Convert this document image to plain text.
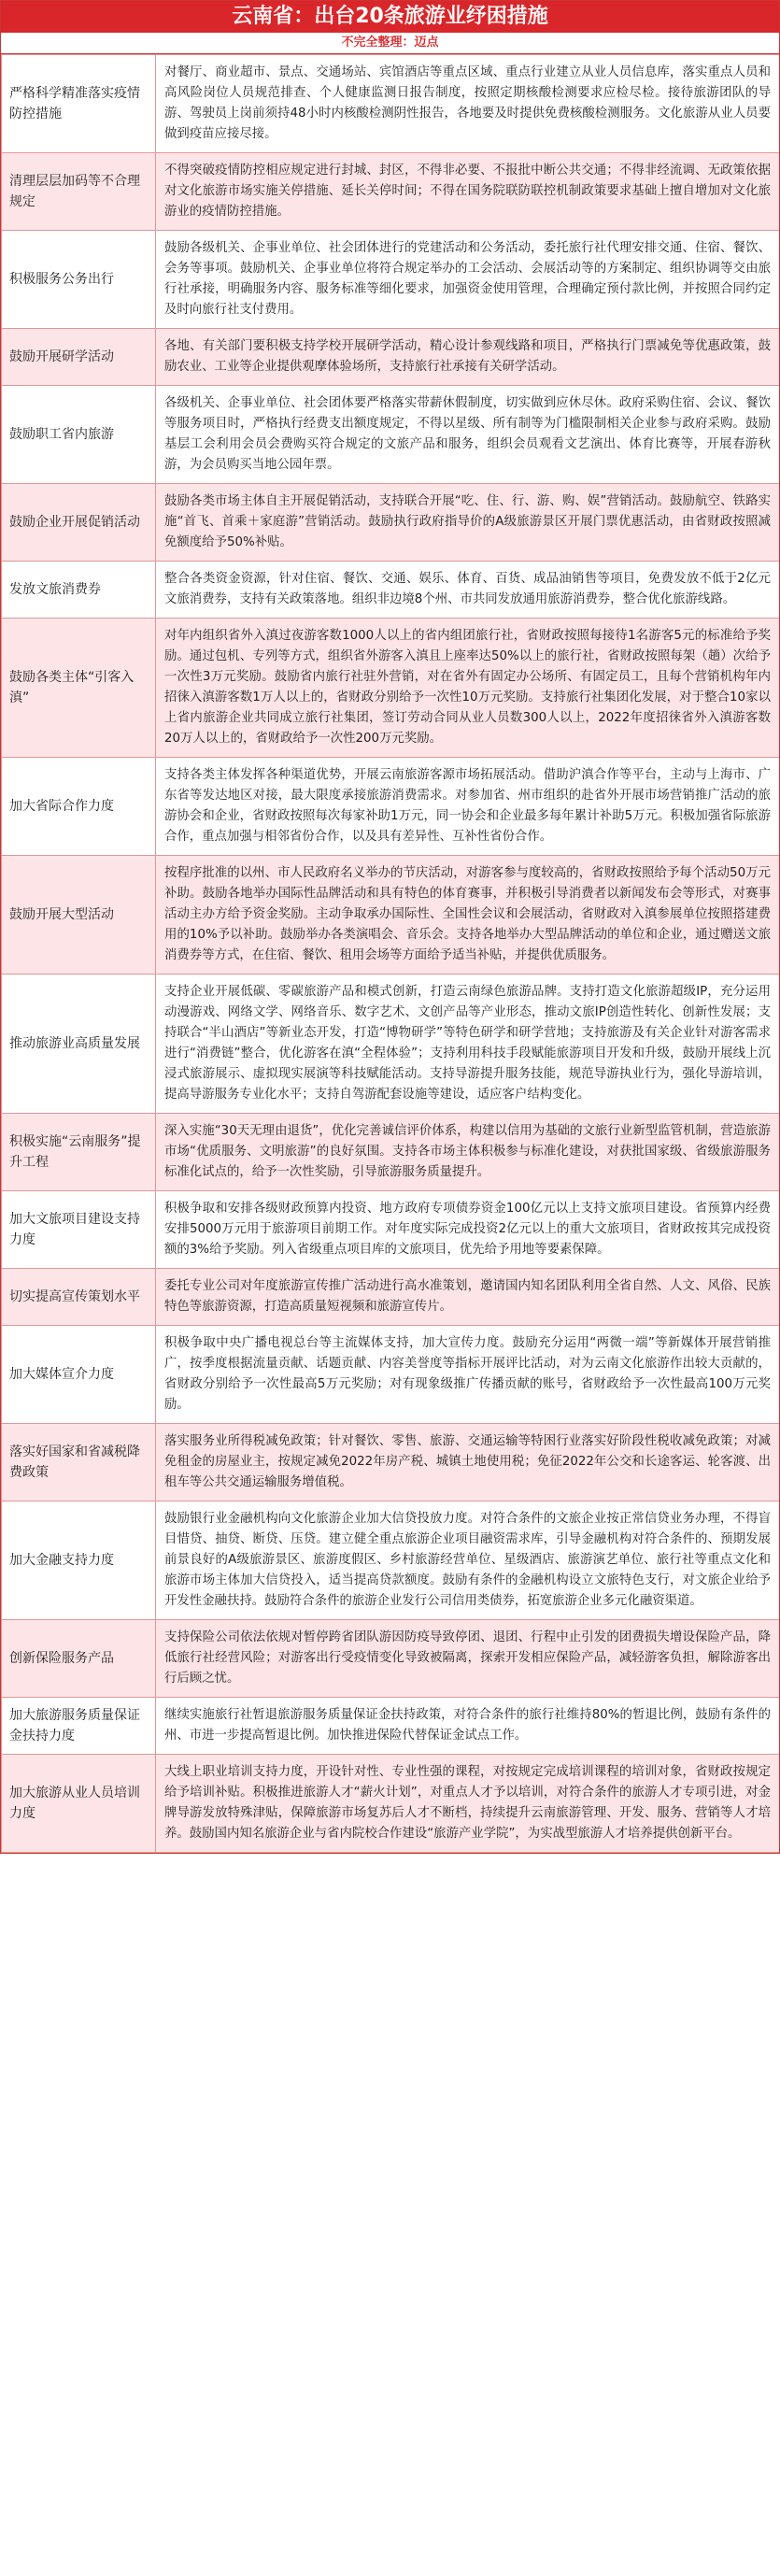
云南省：出台20条旅游业纾困措施
不完全整理：迈点
严格科学精准落实疫情防控措施	对餐厅、商业超市、景点、交通场站、宾馆酒店等重点区域、重点行业建立从业人员信息库，落实重点人员和高风险岗位人员规范排查、个人健康监测日报告制度，按照定期核酸检测要求应检尽检。接待旅游团队的导游、驾驶员上岗前须持48小时内核酸检测阴性报告，各地要及时提供免费核酸检测服务。文化旅游从业人员要做到疫苗应接尽接。
清理层层加码等不合理规定	不得突破疫情防控相应规定进行封城、封区，不得非必要、不报批中断公共交通；不得非经流调、无政策依据对文化旅游市场实施关停措施、延长关停时间；不得在国务院联防联控机制政策要求基础上擅自增加对文化旅游业的疫情防控措施。
积极服务公务出行	鼓励各级机关、企事业单位、社会团体进行的党建活动和公务活动，委托旅行社代理安排交通、住宿、餐饮、会务等事项。鼓励机关、企事业单位将符合规定举办的工会活动、会展活动等的方案制定、组织协调等交由旅行社承接，明确服务内容、服务标准等细化要求，加强资金使用管理，合理确定预付款比例，并按照合同约定及时向旅行社支付费用。
鼓励开展研学活动	各地、有关部门要积极支持学校开展研学活动，精心设计参观线路和项目，严格执行门票减免等优惠政策，鼓励农业、工业等企业提供观摩体验场所，支持旅行社承接有关研学活动。
鼓励职工省内旅游	各级机关、企事业单位、社会团体要严格落实带薪休假制度，切实做到应休尽休。政府采购住宿、会议、餐饮等服务项目时，严格执行经费支出额度规定，不得以星级、所有制等为门槛限制相关企业参与政府采购。鼓励基层工会利用会员会费购买符合规定的文旅产品和服务，组织会员观看文艺演出、体育比赛等，开展春游秋游，为会员购买当地公园年票。
鼓励企业开展促销活动	鼓励各类市场主体自主开展促销活动，支持联合开展“吃、住、行、游、购、娱”营销活动。鼓励航空、铁路实施“首飞、首乘＋家庭游”营销活动。鼓励执行政府指导价的A级旅游景区开展门票优惠活动，由省财政按照减免额度给予50%补贴。
发放文旅消费券	整合各类资金资源，针对住宿、餐饮、交通、娱乐、体育、百货、成品油销售等项目，免费发放不低于2亿元文旅消费券，支持有关政策落地。组织非边境8个州、市共同发放通用旅游消费券，整合优化旅游线路。
鼓励各类主体“引客入滇”	对年内组织省外入滇过夜游客数1000人以上的省内组团旅行社，省财政按照每接待1名游客5元的标准给予奖励。通过包机、专列等方式，组织省外游客入滇且上座率达50%以上的旅行社，省财政按照每架（趟）次给予一次性3万元奖励。鼓励省内旅行社驻外营销，对在省外有固定办公场所、有固定员工，且每个营销机构年内招徕入滇游客数1万人以上的，省财政分别给予一次性10万元奖励。支持旅行社集团化发展，对于整合10家以上省内旅游企业共同成立旅行社集团，签订劳动合同从业人员数300人以上，2022年度招徕省外入滇游客数20万人以上的，省财政给予一次性200万元奖励。
加大省际合作力度	支持各类主体发挥各种渠道优势，开展云南旅游客源市场拓展活动。借助沪滇合作等平台，主动与上海市、广东省等发达地区对接，最大限度承接旅游消费需求。对参加省、州市组织的赴省外开展市场营销推广活动的旅游协会和企业，省财政按照每次每家补助1万元，同一协会和企业最多每年累计补助5万元。积极加强省际旅游合作，重点加强与相邻省份合作，以及具有差异性、互补性省份合作。
鼓励开展大型活动	按程序批准的以州、市人民政府名义举办的节庆活动，对游客参与度较高的，省财政按照给予每个活动50万元补助。鼓励各地举办国际性品牌活动和具有特色的体育赛事，并积极引导消费者以新闻发布会等形式，对赛事活动主办方给予资金奖励。主动争取承办国际性、全国性会议和会展活动，省财政对入滇参展单位按照搭建费用的10%予以补助。鼓励举办各类演唱会、音乐会。支持各地举办大型品牌活动的单位和企业，通过赠送文旅消费券等方式，在住宿、餐饮、租用会场等方面给予适当补贴，并提供优质服务。
推动旅游业高质量发展	支持企业开展低碳、零碳旅游产品和模式创新，打造云南绿色旅游品牌。支持打造文化旅游超级IP，充分运用动漫游戏、网络文学、网络音乐、数字艺术、文创产品等产业形态，推动文旅IP创造性转化、创新性发展；支持联合“半山酒店”等新业态开发，打造“博物研学”等特色研学和研学营地；支持旅游及有关企业针对游客需求进行“消费链”整合，优化游客在滇“全程体验”；支持利用科技手段赋能旅游项目开发和升级，鼓励开展线上沉浸式旅游展示、虚拟现实展演等科技赋能活动。支持导游提升服务技能，规范导游执业行为，强化导游培训，提高导游服务专业化水平；支持自驾游配套设施等建设，适应客户结构变化。
积极实施“云南服务”提升工程	深入实施“30天无理由退货”，优化完善诚信评价体系，构建以信用为基础的文旅行业新型监管机制，营造旅游市场“优质服务、文明旅游”的良好氛围。支持各市场主体积极参与标准化建设，对获批国家级、省级旅游服务标准化试点的，给予一次性奖励，引导旅游服务质量提升。
加大文旅项目建设支持力度	积极争取和安排各级财政预算内投资、地方政府专项债券资金100亿元以上支持文旅项目建设。省预算内经费安排5000万元用于旅游项目前期工作。对年度实际完成投资2亿元以上的重大文旅项目，省财政按其完成投资额的3%给予奖励。列入省级重点项目库的文旅项目，优先给予用地等要素保障。
切实提高宣传策划水平	委托专业公司对年度旅游宣传推广活动进行高水准策划，邀请国内知名团队利用全省自然、人文、风俗、民族特色等旅游资源，打造高质量短视频和旅游宣传片。
加大媒体宣介力度	积极争取中央广播电视总台等主流媒体支持，加大宣传力度。鼓励充分运用“两微一端”等新媒体开展营销推广，按季度根据流量贡献、话题贡献、内容美誉度等指标开展评比活动，对为云南文化旅游作出较大贡献的，省财政分别给予一次性最高5万元奖励；对有现象级推广传播贡献的账号，省财政给予一次性最高100万元奖励。
落实好国家和省减税降费政策	落实服务业所得税减免政策；针对餐饮、零售、旅游、交通运输等特困行业落实好阶段性税收减免政策；对减免租金的房屋业主，按规定减免2022年房产税、城镇土地使用税；免征2022年公交和长途客运、轮客渡、出租车等公共交通运输服务增值税。
加大金融支持力度	鼓励银行业金融机构向文化旅游企业加大信贷投放力度。对符合条件的文旅企业按正常信贷业务办理，不得盲目惜贷、抽贷、断贷、压贷。建立健全重点旅游企业项目融资需求库，引导金融机构对符合条件的、预期发展前景良好的A级旅游景区、旅游度假区、乡村旅游经营单位、星级酒店、旅游演艺单位、旅行社等重点文化和旅游市场主体加大信贷投入，适当提高贷款额度。鼓励有条件的金融机构设立文旅特色支行，对文旅企业给予开发性金融扶持。鼓励符合条件的旅游企业发行公司信用类债券，拓宽旅游企业多元化融资渠道。
创新保险服务产品	支持保险公司依法依规对暂停跨省团队游因防疫导致停团、退团、行程中止引发的团费损失增设保险产品，降低旅行社经营风险；对游客出行受疫情变化导致被隔离，探索开发相应保险产品，减轻游客负担，解除游客出行后顾之忧。
加大旅游服务质量保证金扶持力度	继续实施旅行社暂退旅游服务质量保证金扶持政策，对符合条件的旅行社维持80%的暂退比例，鼓励有条件的州、市进一步提高暂退比例。加快推进保险代替保证金试点工作。
加大旅游从业人员培训力度	大线上职业培训支持力度，开设针对性、专业性强的课程，对按规定完成培训课程的培训对象，省财政按规定给予培训补贴。积极推进旅游人才“薪火计划”，对重点人才予以培训，对符合条件的旅游人才专项引进，对金牌导游发放特殊津贴，保障旅游市场复苏后人才不断档，持续提升云南旅游管理、开发、服务、营销等人才培养。鼓励国内知名旅游企业与省内院校合作建设“旅游产业学院”，为实战型旅游人才培养提供创新平台。
